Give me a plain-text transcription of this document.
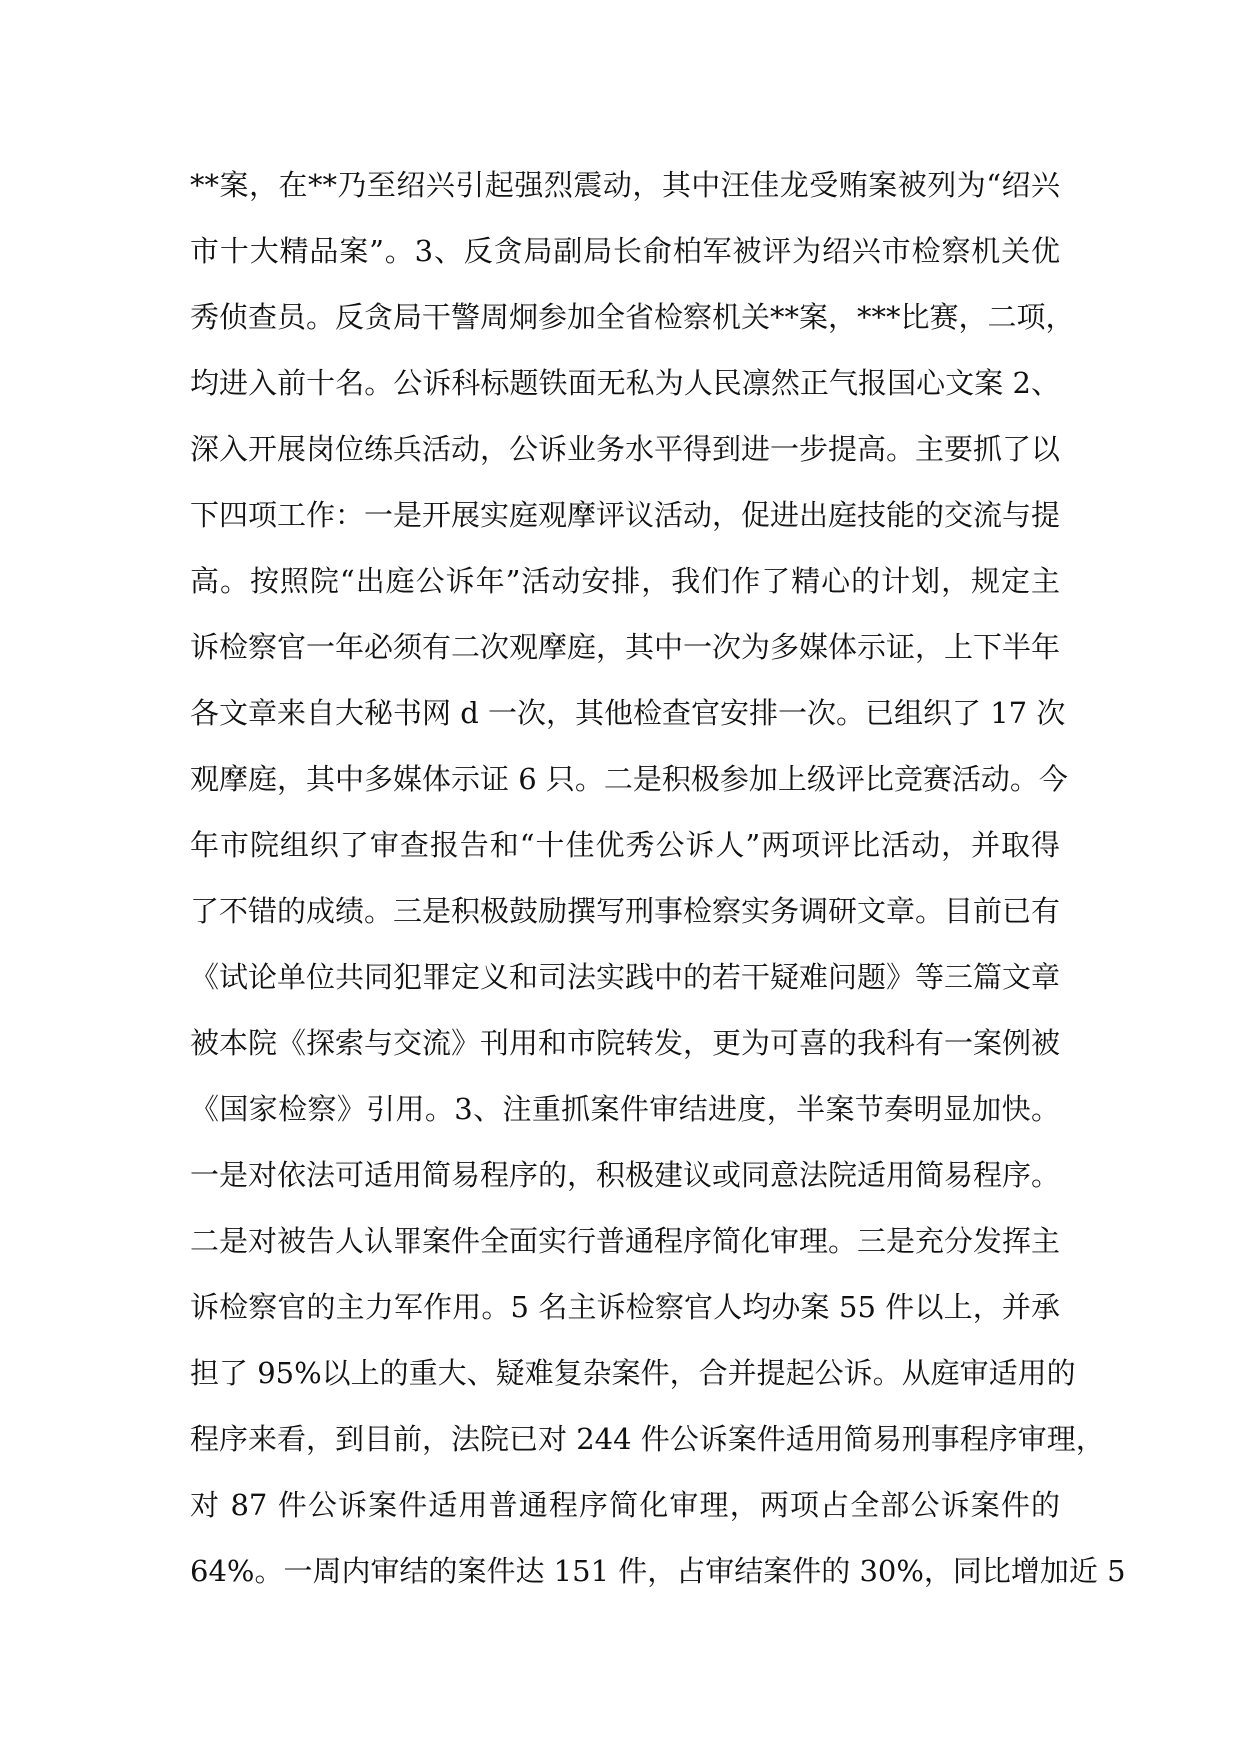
**案，在**乃至绍兴引起强烈震动，其中汪佳龙受贿案被列为“绍兴
市十大精品案”。3、反贪局副局长俞柏军被评为绍兴市检察机关优
秀侦查员。反贪局干警周炯参加全省检察机关**案，***比赛，二项，
均进入前十名。公诉科标题铁面无私为人民凛然正气报国心文案 2、
深入开展岗位练兵活动，公诉业务水平得到进一步提高。主要抓了以
下四项工作：一是开展实庭观摩评议活动，促进出庭技能的交流与提
高。按照院“出庭公诉年”活动安排，我们作了精心的计划，规定主
诉检察官一年必须有二次观摩庭，其中一次为多媒体示证，上下半年
各文章来自大秘书网 d 一次，其他检查官安排一次。已组织了 17 次
观摩庭，其中多媒体示证 6 只。二是积极参加上级评比竞赛活动。今
年市院组织了审查报告和“十佳优秀公诉人”两项评比活动，并取得
了不错的成绩。三是积极鼓励撰写刑事检察实务调研文章。目前已有
《试论单位共同犯罪定义和司法实践中的若干疑难问题》等三篇文章
被本院《探索与交流》刊用和市院转发，更为可喜的我科有一案例被
《国家检察》引用。3、注重抓案件审结进度，半案节奏明显加快。
一是对依法可适用简易程序的，积极建议或同意法院适用简易程序。
二是对被告人认罪案件全面实行普通程序简化审理。三是充分发挥主
诉检察官的主力军作用。5 名主诉检察官人均办案 55 件以上，并承
担了 95%以上的重大、疑难复杂案件，合并提起公诉。从庭审适用的
程序来看，到目前，法院已对 244 件公诉案件适用简易刑事程序审理，
对 87 件公诉案件适用普通程序简化审理，两项占全部公诉案件的
64%。一周内审结的案件达 151 件，占审结案件的 30%，同比增加近 5
